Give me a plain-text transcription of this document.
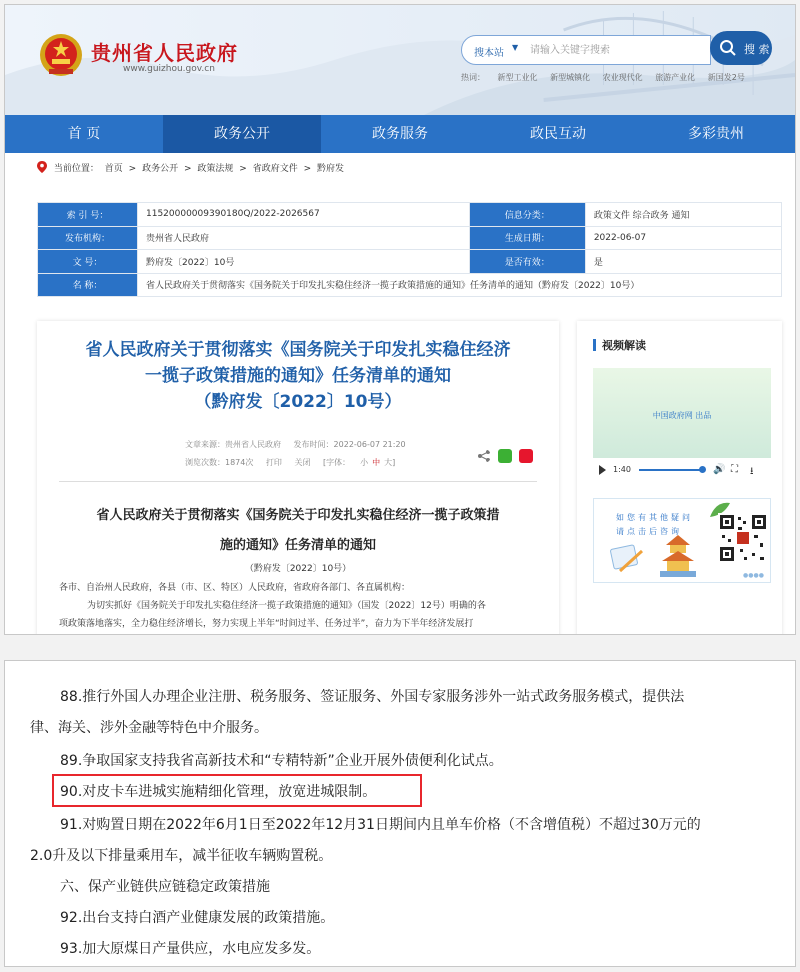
贵州省人民政府
www.guizhou.gov.cn
搜本站
▼
请输入关键字搜索	搜 索
热词： 新型工业化 新型城镇化 农业现代化 旅游产业化 新国发2号
首 页	政务公开	政务服务	政民互动	多彩贵州
当前位置： 首页 > 政务公开 > 政策法规 > 省政府文件 > 黔府发
索 引 号：	11520000009390180Q/2022-2026567	信息分类：	政策文件 综合政务 通知
发布机构：	贵州省人民政府	生成日期：	2022-06-07
文 号：	黔府发〔2022〕10号	是否有效：	是
名 称：	省人民政府关于贯彻落实《国务院关于印发扎实稳住经济一揽子政策措施的通知》任务清单的通知（黔府发〔2022〕10号）		
省人民政府关于贯彻落实《国务院关于印发扎实稳住经济
一揽子政策措施的通知》任务清单的通知
（黔府发〔2022〕10号）
文章来源：贵州省人民政府 发布时间：2022-06-07 21:20
浏览次数：1874次 打印 关闭 [字体： 小 中 大]

省人民政府关于贯彻落实《国务院关于印发扎实稳住经济一揽子政策措
施的通知》任务清单的通知
（黔府发〔2022〕10号）
各市、自治州人民政府，各县（市、区、特区）人民政府，省政府各部门、各直属机构：
为切实抓好《国务院关于印发扎实稳住经济一揽子政策措施的通知》（国发〔2022〕12号）明确的各
项政策落地落实，全力稳住经济增长，努力实现上半年“时间过半、任务过半”，奋力为下半年经济发展打
视频解读
中国政府网 出品
1:40	🔊 ⛶ ⭳
如您有其他疑问请点击后咨询
●●●●
88.推行外国人办理企业注册、税务服务、签证服务、外国专家服务涉外一站式政务服务模式，提供法
律、海关、涉外金融等特色中介服务。
89.争取国家支持我省高新技术和“专精特新”企业开展外债便利化试点。
90.对皮卡车进城实施精细化管理，放宽进城限制。
91.对购置日期在2022年6月1日至2022年12月31日期间内且单车价格（不含增值税）不超过30万元的
2.0升及以下排量乘用车，减半征收车辆购置税。
六、保产业链供应链稳定政策措施
92.出台支持白酒产业健康发展的政策措施。
93.加大原煤日产量供应，水电应发多发。
